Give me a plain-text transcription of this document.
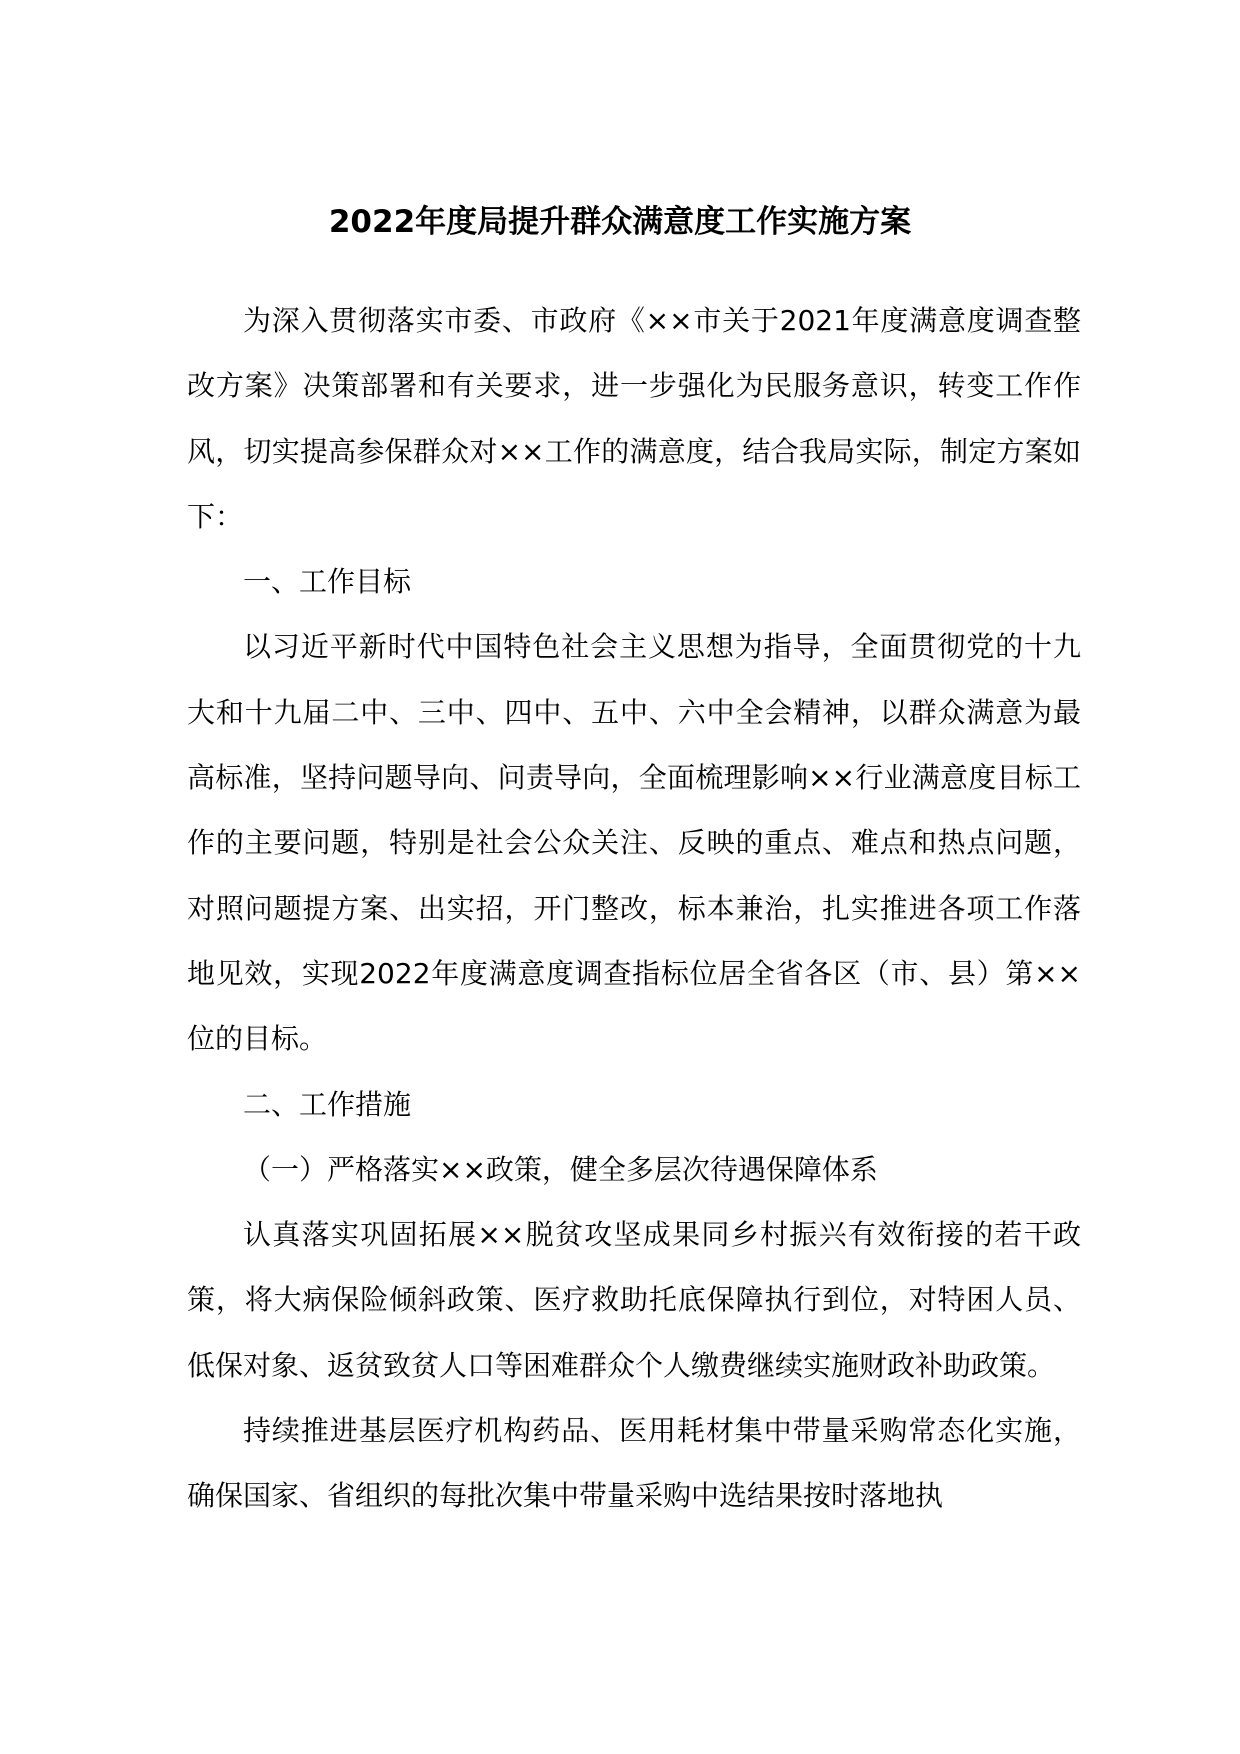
2022年度局提升群众满意度工作实施方案

为深入贯彻落实市委、市政府《××市关于2021年度满意度调查整改方案》决策部署和有关要求，进一步强化为民服务意识，转变工作作风，切实提高参保群众对××工作的满意度，结合我局实际，制定方案如下：

一、工作目标

以习近平新时代中国特色社会主义思想为指导，全面贯彻党的十九大和十九届二中、三中、四中、五中、六中全会精神，以群众满意为最高标准，坚持问题导向、问责导向，全面梳理影响××行业满意度目标工作的主要问题，特别是社会公众关注、反映的重点、难点和热点问题，对照问题提方案、出实招，开门整改，标本兼治，扎实推进各项工作落地见效，实现2022年度满意度调查指标位居全省各区（市、县）第××位的目标。

二、工作措施

（一）严格落实××政策，健全多层次待遇保障体系

认真落实巩固拓展××脱贫攻坚成果同乡村振兴有效衔接的若干政策，将大病保险倾斜政策、医疗救助托底保障执行到位，对特困人员、低保对象、返贫致贫人口等困难群众个人缴费继续实施财政补助政策。

持续推进基层医疗机构药品、医用耗材集中带量采购常态化实施，确保国家、省组织的每批次集中带量采购中选结果按时落地执
